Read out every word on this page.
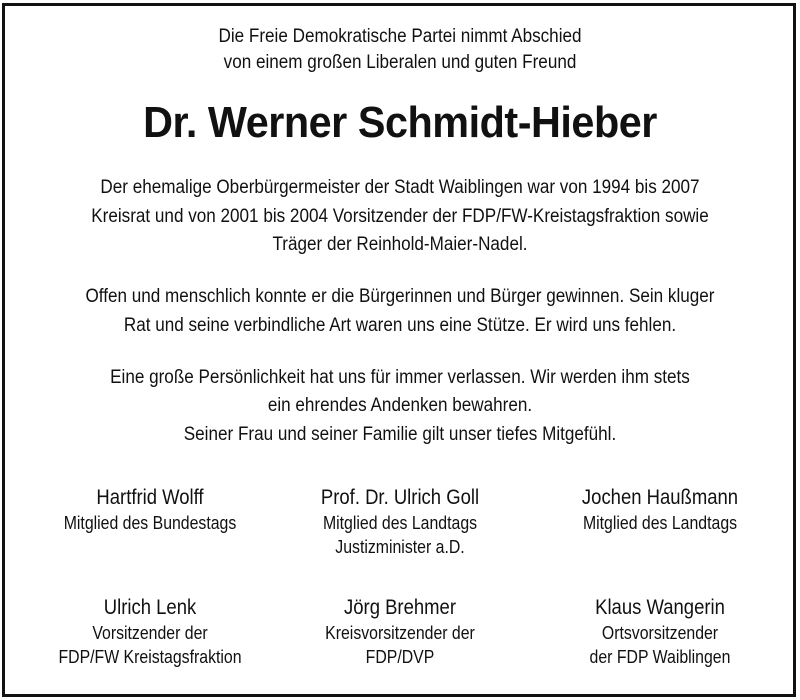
Die Freie Demokratische Partei nimmt Abschied
von einem großen Liberalen und guten Freund
Dr. Werner Schmidt-Hieber
Der ehemalige Oberbürgermeister der Stadt Waiblingen war von 1994 bis 2007
Kreisrat und von 2001 bis 2004 Vorsitzender der FDP/FW-Kreistagsfraktion sowie
Träger der Reinhold-Maier-Nadel.
Offen und menschlich konnte er die Bürgerinnen und Bürger gewinnen. Sein kluger
Rat und seine verbindliche Art waren uns eine Stütze. Er wird uns fehlen.
Eine große Persönlichkeit hat uns für immer verlassen. Wir werden ihm stets
ein ehrendes Andenken bewahren.
Seiner Frau und seiner Familie gilt unser tiefes Mitgefühl.
Hartfrid Wolff
Mitglied des Bundestags
Prof. Dr. Ulrich Goll
Mitglied des Landtags
Justizminister a.D.
Jochen Haußmann
Mitglied des Landtags
Ulrich Lenk
Vorsitzender der
FDP/FW Kreistagsfraktion
Jörg Brehmer
Kreisvorsitzender der
FDP/DVP
Klaus Wangerin
Ortsvorsitzender
der FDP Waiblingen
